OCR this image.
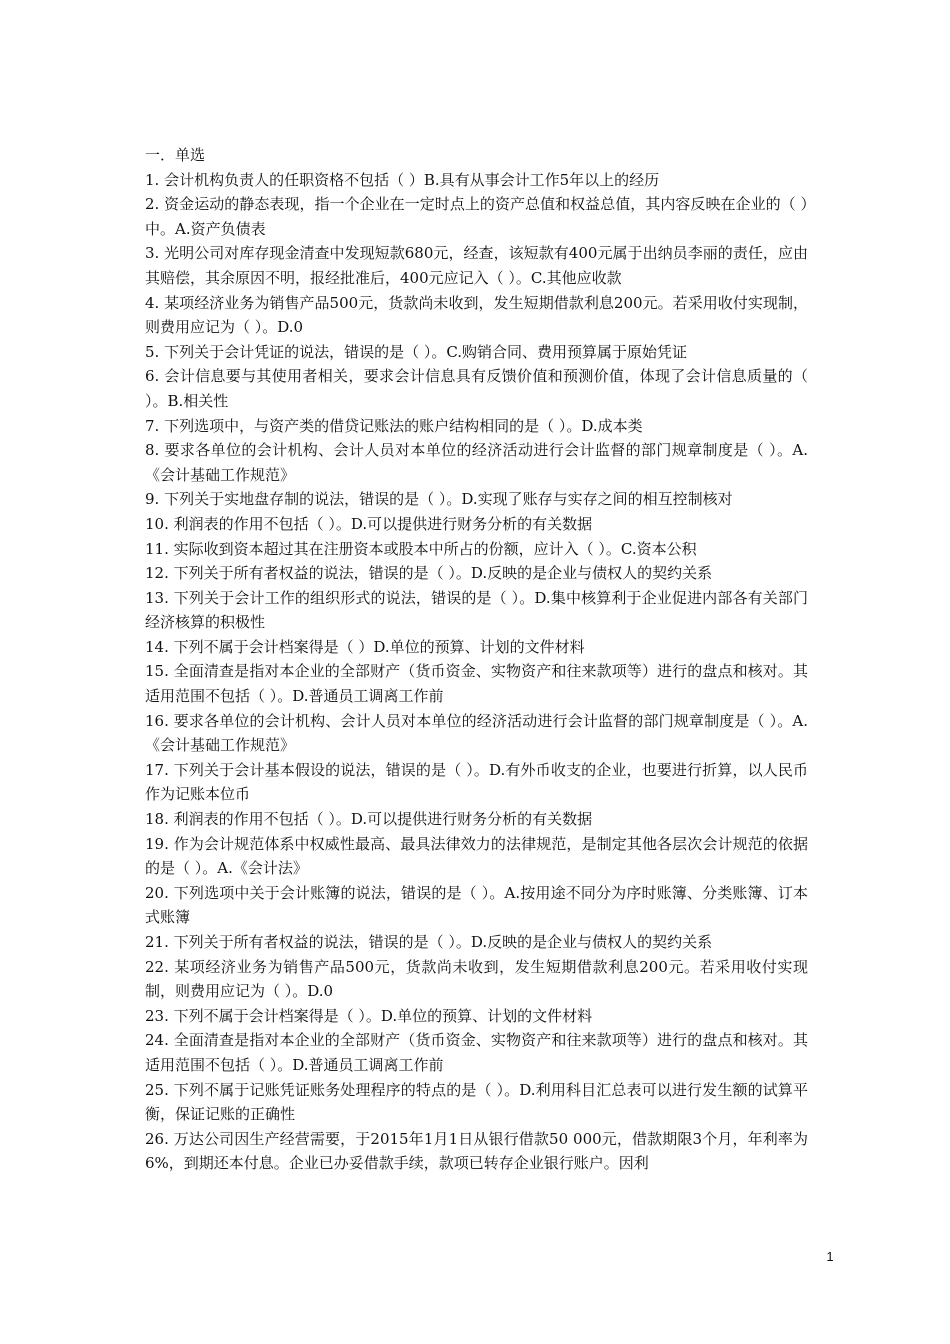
一．单选
1. 会计机构负责人的任职资格不包括（ ）B.具有从事会计工作5年以上的经历
2. 资金运动的静态表现，指一个企业在一定时点上的资产总值和权益总值，其内容反映在企业的（ ）中。A.资产负债表
3. 光明公司对库存现金清查中发现短款680元，经查，该短款有400元属于出纳员李丽的责任，应由其赔偿，其余原因不明，报经批准后，400元应记入（ ）。C.其他应收款
4. 某项经济业务为销售产品500元，货款尚未收到，发生短期借款利息200元。若采用收付实现制，则费用应记为（ ）。D.0
5. 下列关于会计凭证的说法，错误的是（ ）。C.购销合同、费用预算属于原始凭证
6. 会计信息要与其使用者相关，要求会计信息具有反馈价值和预测价值，体现了会计信息质量的（ ）。B.相关性
7. 下列选项中，与资产类的借贷记账法的账户结构相同的是（ ）。D.成本类
8. 要求各单位的会计机构、会计人员对本单位的经济活动进行会计监督的部门规章制度是（ ）。A.《会计基础工作规范》
9. 下列关于实地盘存制的说法，错误的是（ ）。D.实现了账存与实存之间的相互控制核对
10. 利润表的作用不包括（ ）。D.可以提供进行财务分析的有关数据
11. 实际收到资本超过其在注册资本或股本中所占的份额，应计入（ ）。C.资本公积
12. 下列关于所有者权益的说法，错误的是（ ）。D.反映的是企业与债权人的契约关系
13. 下列关于会计工作的组织形式的说法，错误的是（ ）。D.集中核算利于企业促进内部各有关部门经济核算的积极性
14. 下列不属于会计档案得是（ ）D.单位的预算、计划的文件材料
15. 全面清查是指对本企业的全部财产（货币资金、实物资产和往来款项等）进行的盘点和核对。其适用范围不包括（ ）。D.普通员工调离工作前
16. 要求各单位的会计机构、会计人员对本单位的经济活动进行会计监督的部门规章制度是（ ）。A.《会计基础工作规范》
17. 下列关于会计基本假设的说法，错误的是（ ）。D.有外币收支的企业，也要进行折算，以人民币作为记账本位币
18. 利润表的作用不包括（ ）。D.可以提供进行财务分析的有关数据
19. 作为会计规范体系中权威性最高、最具法律效力的法律规范，是制定其他各层次会计规范的依据的是（ ）。A.《会计法》
20. 下列选项中关于会计账簿的说法，错误的是（ ）。A.按用途不同分为序时账簿、分类账簿、订本式账簿
21. 下列关于所有者权益的说法，错误的是（ ）。D.反映的是企业与债权人的契约关系
22. 某项经济业务为销售产品500元，货款尚未收到，发生短期借款利息200元。若采用收付实现制，则费用应记为（ ）。D.0
23. 下列不属于会计档案得是（ ）。D.单位的预算、计划的文件材料
24. 全面清查是指对本企业的全部财产（货币资金、实物资产和往来款项等）进行的盘点和核对。其适用范围不包括（ ）。D.普通员工调离工作前
25. 下列不属于记账凭证账务处理程序的特点的是（ ）。D.利用科目汇总表可以进行发生额的试算平衡，保证记账的正确性
26. 万达公司因生产经营需要，于2015年1月1日从银行借款50 000元，借款期限3个月，年利率为6%，到期还本付息。企业已办妥借款手续，款项已转存企业银行账户。因利
1
